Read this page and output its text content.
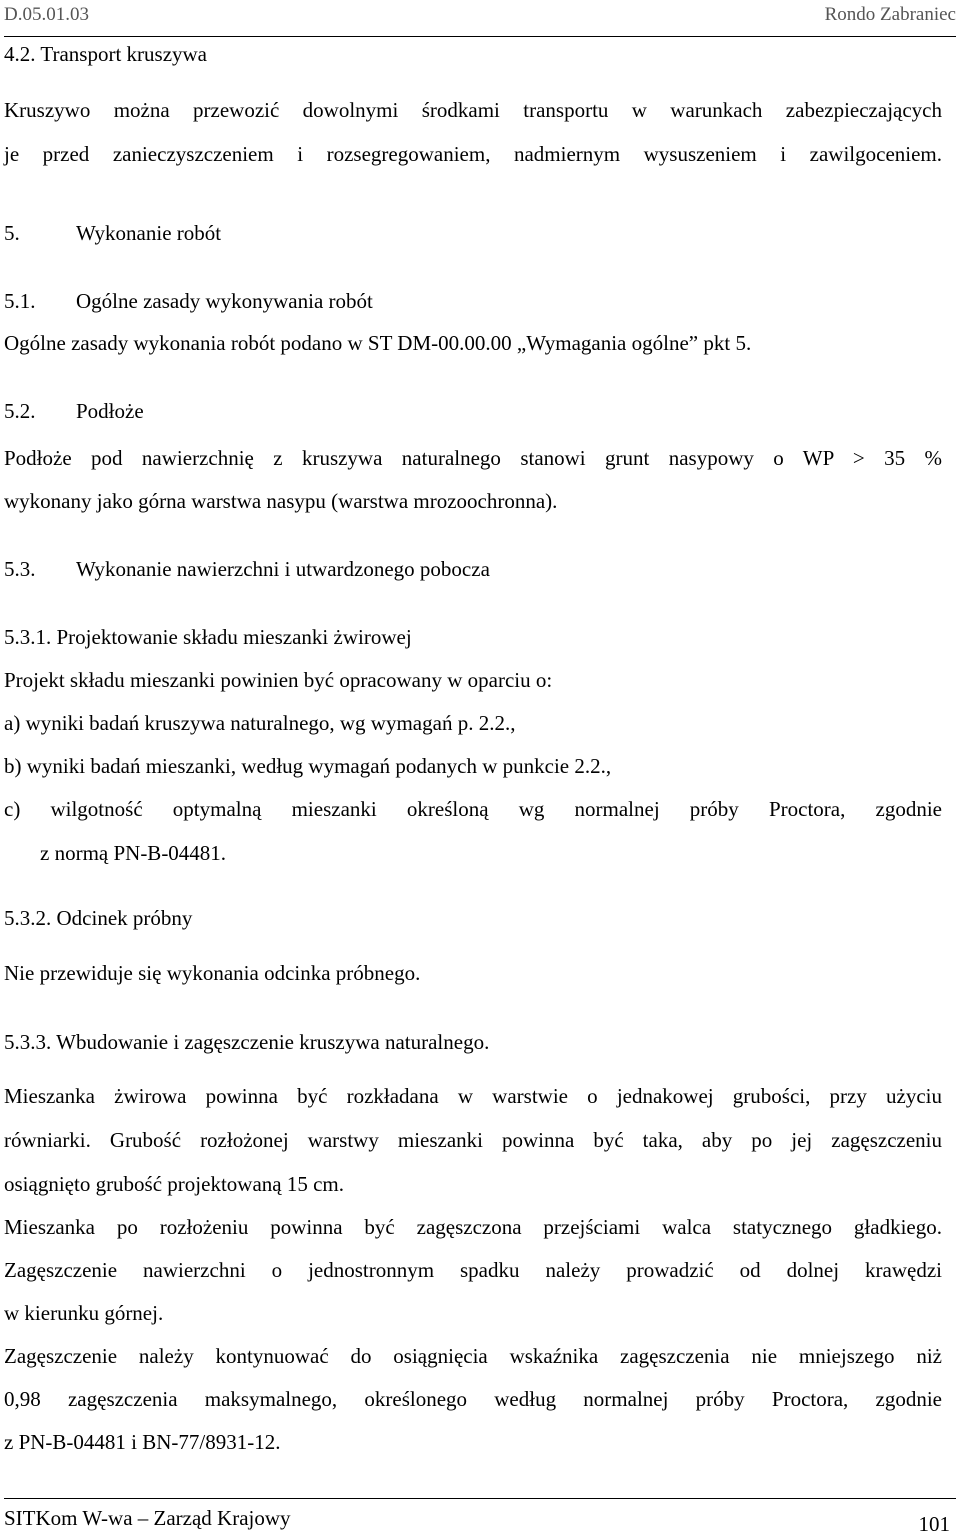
D.05.01.03	Rondo Zabraniec
4.2. Transport kruszywa
Kruszywo można przewozić dowolnymi środkami transportu w warunkach zabezpieczających
je przed zanieczyszczeniem i rozsegregowaniem, nadmiernym wysuszeniem i zawilgoceniem.
5.	Wykonanie robót
5.1. Ogólne zasady wykonywania robót
Ogólne zasady wykonania robót podano w ST DM-00.00.00 „Wymagania ogólne” pkt 5.
5.2. Podłoże
Podłoże pod nawierzchnię z kruszywa naturalnego stanowi grunt nasypowy o WP > 35 %
wykonany jako górna warstwa nasypu (warstwa mrozoochronna).
5.3. Wykonanie nawierzchni i utwardzonego pobocza
5.3.1. Projektowanie składu mieszanki żwirowej
Projekt składu mieszanki powinien być opracowany w oparciu o:
a) wyniki badań kruszywa naturalnego, wg wymagań p. 2.2.,
b) wyniki badań mieszanki, według wymagań podanych w punkcie 2.2.,
c) wilgotność optymalną mieszanki określoną wg normalnej próby Proctora, zgodnie
z normą PN-B-04481.
5.3.2. Odcinek próbny
Nie przewiduje się wykonania odcinka próbnego.
5.3.3. Wbudowanie i zagęszczenie kruszywa naturalnego.
Mieszanka żwirowa powinna być rozkładana w warstwie o jednakowej grubości, przy użyciu
równiarki. Grubość rozłożonej warstwy mieszanki powinna być taka, aby po jej zagęszczeniu
osiągnięto grubość projektowaną 15 cm.
Mieszanka po rozłożeniu powinna być zagęszczona przejściami walca statycznego gładkiego.
Zagęszczenie nawierzchni o jednostronnym spadku należy prowadzić od dolnej krawędzi
w kierunku górnej.
Zagęszczenie należy kontynuować do osiągnięcia wskaźnika zagęszczenia nie mniejszego niż
0,98 zagęszczenia maksymalnego, określonego według normalnej próby Proctora, zgodnie
z PN-B-04481 i BN-77/8931-12.
SITKom W-wa – Zarząd Krajowy	101
